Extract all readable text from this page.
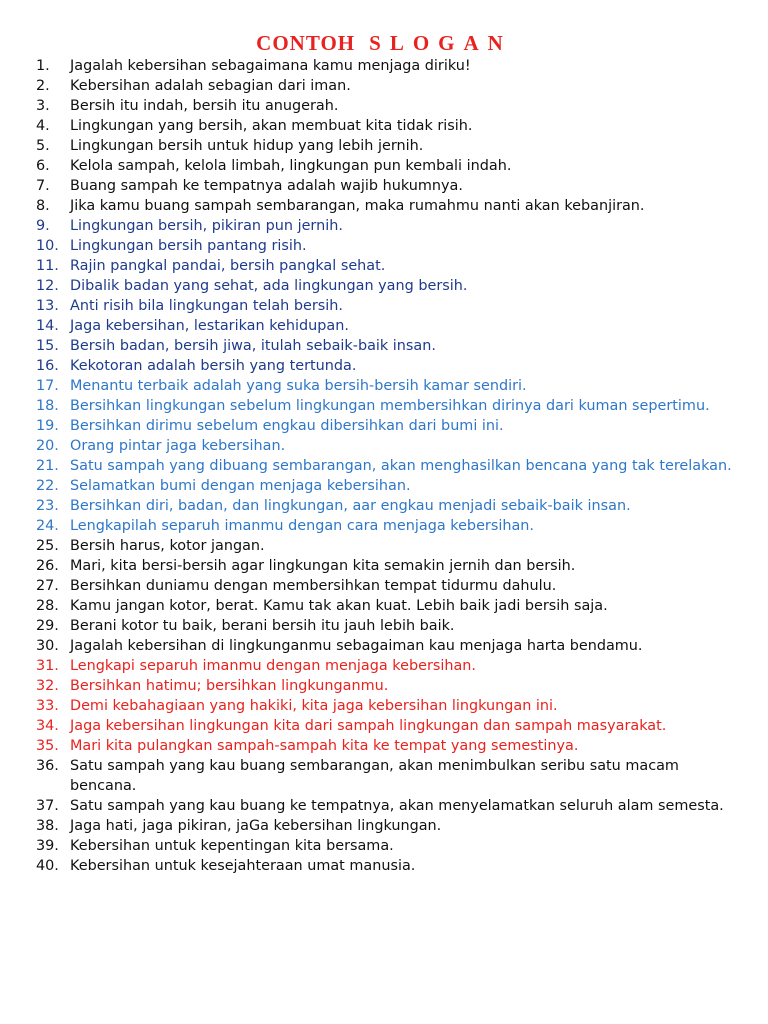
CONTOH SLOGAN
1. Jagalah kebersihan sebagaimana kamu menjaga diriku!
2. Kebersihan adalah sebagian dari iman.
3. Bersih itu indah, bersih itu anugerah.
4. Lingkungan yang bersih, akan membuat kita tidak risih.
5. Lingkungan bersih untuk hidup yang lebih jernih.
6. Kelola sampah, kelola limbah, lingkungan pun kembali indah.
7. Buang sampah ke tempatnya adalah wajib hukumnya.
8. Jika kamu buang sampah sembarangan, maka rumahmu nanti akan kebanjiran.
9. Lingkungan bersih, pikiran pun jernih.
10. Lingkungan bersih pantang risih.
11. Rajin pangkal pandai, bersih pangkal sehat.
12. Dibalik badan yang sehat, ada lingkungan yang bersih.
13. Anti risih bila lingkungan telah bersih.
14. Jaga kebersihan, lestarikan kehidupan.
15. Bersih badan, bersih jiwa, itulah sebaik-baik insan.
16. Kekotoran adalah bersih yang tertunda.
17. Menantu terbaik adalah yang suka bersih-bersih kamar sendiri.
18. Bersihkan lingkungan sebelum lingkungan membersihkan dirinya dari kuman sepertimu.
19. Bersihkan dirimu sebelum engkau dibersihkan dari bumi ini.
20. Orang pintar jaga kebersihan.
21. Satu sampah yang dibuang sembarangan, akan menghasilkan bencana yang tak terelakan.
22. Selamatkan bumi dengan menjaga kebersihan.
23. Bersihkan diri, badan, dan lingkungan, aar engkau menjadi sebaik-baik insan.
24. Lengkapilah separuh imanmu dengan cara menjaga kebersihan.
25. Bersih harus, kotor jangan.
26. Mari, kita bersi-bersih agar lingkungan kita semakin jernih dan bersih.
27. Bersihkan duniamu dengan membersihkan tempat tidurmu dahulu.
28. Kamu jangan kotor, berat. Kamu tak akan kuat. Lebih baik jadi bersih saja.
29. Berani kotor tu baik, berani bersih itu jauh lebih baik.
30. Jagalah kebersihan di lingkunganmu sebagaiman kau menjaga harta bendamu.
31. Lengkapi separuh imanmu dengan menjaga kebersihan.
32. Bersihkan hatimu; bersihkan lingkunganmu.
33. Demi kebahagiaan yang hakiki, kita jaga kebersihan lingkungan ini.
34. Jaga kebersihan lingkungan kita dari sampah lingkungan dan sampah masyarakat.
35. Mari kita pulangkan sampah-sampah kita ke tempat yang semestinya.
36. Satu sampah yang kau buang sembarangan, akan menimbulkan seribu satu macam bencana.
37. Satu sampah yang kau buang ke tempatnya, akan menyelamatkan seluruh alam semesta.
38. Jaga hati, jaga pikiran, jaGa kebersihan lingkungan.
39. Kebersihan untuk kepentingan kita bersama.
40. Kebersihan untuk kesejahteraan umat manusia.
